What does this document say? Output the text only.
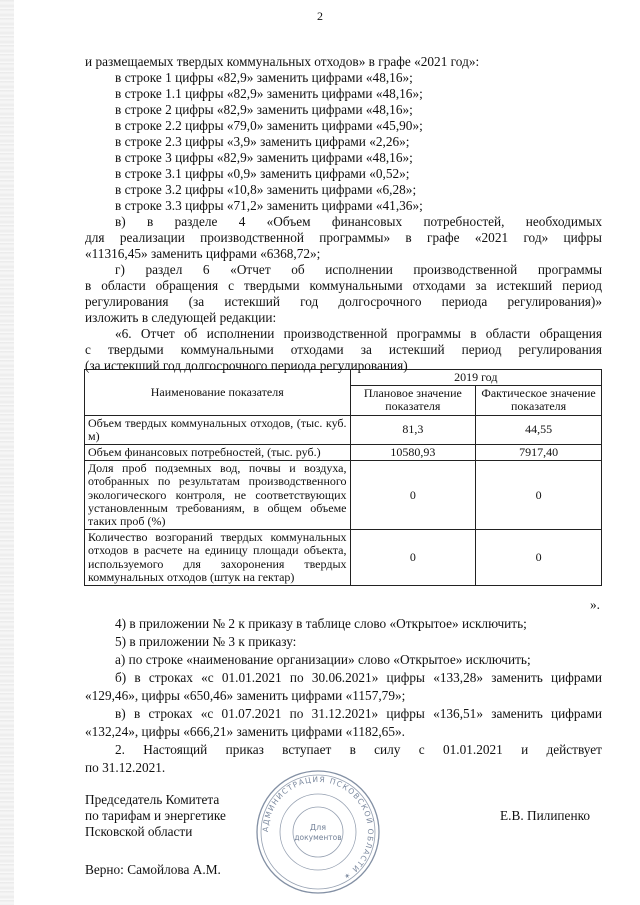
2
и размещаемых твердых коммунальных отходов» в графе «2021 год»:
в строке 1 цифры «82,9» заменить цифрами «48,16»;
в строке 1.1 цифры «82,9» заменить цифрами «48,16»;
в строке 2 цифры «82,9» заменить цифрами «48,16»;
в строке 2.2 цифры «79,0» заменить цифрами «45,90»;
в строке 2.3 цифры «3,9» заменить цифрами «2,26»;
в строке 3 цифры «82,9» заменить цифрами «48,16»;
в строке 3.1 цифры «0,9» заменить цифрами «0,52»;
в строке 3.2 цифры «10,8» заменить цифрами «6,28»;
в строке 3.3 цифры «71,2» заменить цифрами «41,36»;
в) в разделе 4 «Объем финансовых потребностей, необходимых
для реализации производственной программы» в графе «2021 год» цифры
«11316,45» заменить цифрами «6368,72»;
г) раздел 6 «Отчет об исполнении производственной программы
в области обращения с твердыми коммунальными отходами за истекший период
регулирования (за истекший год долгосрочного периода регулирования)»
изложить в следующей редакции:
«6. Отчет об исполнении производственной программы в области обращения
с твердыми коммунальными отходами за истекший период регулирования
(за истекший год долгосрочного периода регулирования)
Наименование показателя	2019 год	
	Плановое значение показателя	Фактическое значение показателя
Объем твердых коммунальных отходов, (тыс. куб. м)	81,3	44,55
Объем финансовых потребностей, (тыс. руб.)	10580,93	7917,40
Доля проб подземных вод, почвы и воздуха, отобранных по результатам производственного экологического контроля, не соответствующих установленным требованиям, в общем объеме таких проб (%)	0	0
Количество возгораний твердых коммунальных отходов в расчете на единицу площади объекта, используемого для захоронения твердых коммунальных отходов (штук на гектар)	0	0
».
4) в приложении № 2 к приказу в таблице слово «Открытое» исключить;
5) в приложении № 3 к приказу:
а) по строке «наименование организации» слово «Открытое» исключить;
б) в строках «с 01.01.2021 по 30.06.2021» цифры «133,28» заменить цифрами
«129,46», цифры «650,46» заменить цифрами «1157,79»;
в) в строках «с 01.07.2021 по 31.12.2021» цифры «136,51» заменить цифрами
«132,24», цифры «666,21» заменить цифрами «1182,65».
2. Настоящий приказ вступает в силу с 01.01.2021 и действует
по 31.12.2021.
Председатель Комитета
по тарифам и энергетике
Псковской области
Е.В. Пилипенко
Верно: Самойлова А.М.
АДМИНИСТРАЦИЯ ПСКОВСКОЙ ОБЛАСТИ ✶
Для
документов
